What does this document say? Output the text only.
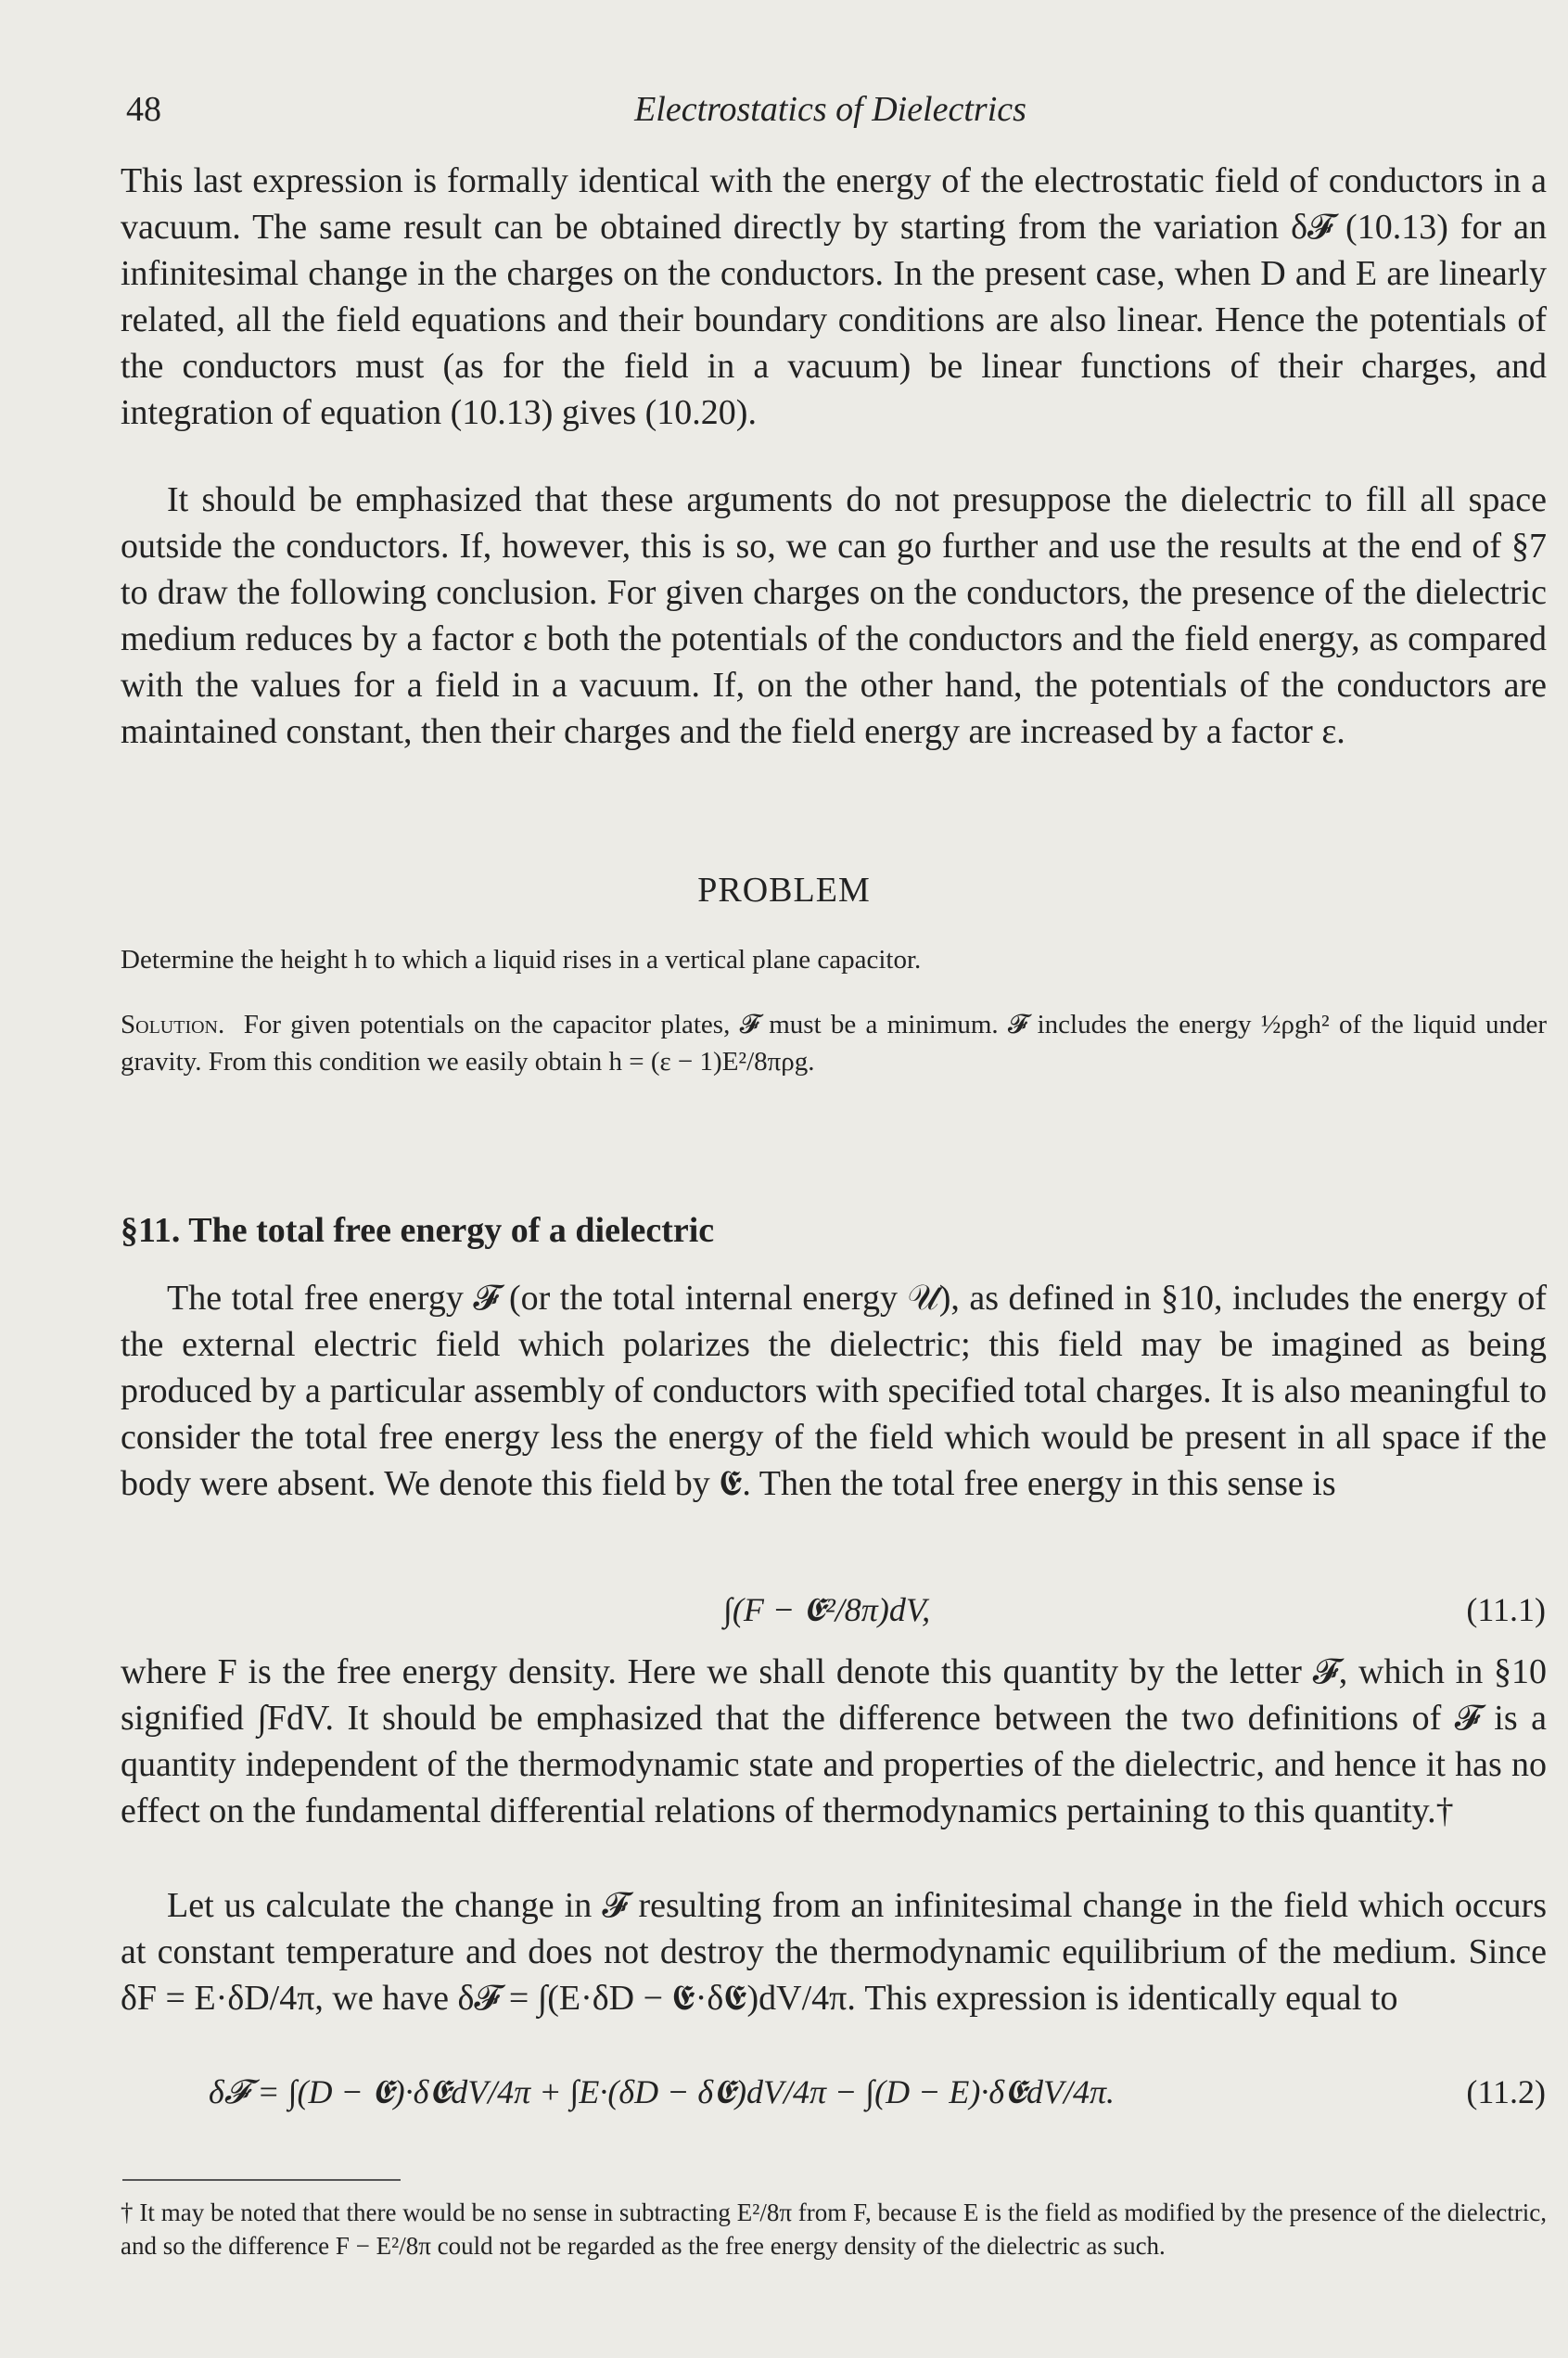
48	Electrostatics of Dielectrics

This last expression is formally identical with the energy of the electrostatic field of conductors in a vacuum. The same result can be obtained directly by starting from the variation δ𝓕 (10.13) for an infinitesimal change in the charges on the conductors. In the present case, when D and E are linearly related, all the field equations and their boundary conditions are also linear. Hence the potentials of the conductors must (as for the field in a vacuum) be linear functions of their charges, and integration of equation (10.13) gives (10.20).

It should be emphasized that these arguments do not presuppose the dielectric to fill all space outside the conductors. If, however, this is so, we can go further and use the results at the end of §7 to draw the following conclusion. For given charges on the conductors, the presence of the dielectric medium reduces by a factor ε both the potentials of the conductors and the field energy, as compared with the values for a field in a vacuum. If, on the other hand, the potentials of the conductors are maintained constant, then their charges and the field energy are increased by a factor ε.

PROBLEM

Determine the height h to which a liquid rises in a vertical plane capacitor.

Solution. For given potentials on the capacitor plates, 𝓕 must be a minimum. 𝓕 includes the energy ½ρgh² of the liquid under gravity. From this condition we easily obtain h = (ε − 1)E²/8πρg.

§11. The total free energy of a dielectric

The total free energy 𝓕 (or the total internal energy 𝒰), as defined in §10, includes the energy of the external electric field which polarizes the dielectric; this field may be imagined as being produced by a particular assembly of conductors with specified total charges. It is also meaningful to consider the total free energy less the energy of the field which would be present in all space if the body were absent. We denote this field by 𝕰. Then the total free energy in this sense is

∫(F − 𝕰²/8π)dV,	(11.1)

where F is the free energy density. Here we shall denote this quantity by the letter 𝓕, which in §10 signified ∫FdV. It should be emphasized that the difference between the two definitions of 𝓕 is a quantity independent of the thermodynamic state and properties of the dielectric, and hence it has no effect on the fundamental differential relations of thermodynamics pertaining to this quantity.†

Let us calculate the change in 𝓕 resulting from an infinitesimal change in the field which occurs at constant temperature and does not destroy the thermodynamic equilibrium of the medium. Since δF = E·δD/4π, we have δ𝓕 = ∫(E·δD − 𝕰·δ𝕰)dV/4π. This expression is identically equal to

δ𝓕 = ∫(D − 𝕰)·δ𝕰dV/4π + ∫E·(δD − δ𝕰)dV/4π − ∫(D − E)·δ𝕰dV/4π.	(11.2)

† It may be noted that there would be no sense in subtracting E²/8π from F, because E is the field as modified by the presence of the dielectric, and so the difference F − E²/8π could not be regarded as the free energy density of the dielectric as such.
